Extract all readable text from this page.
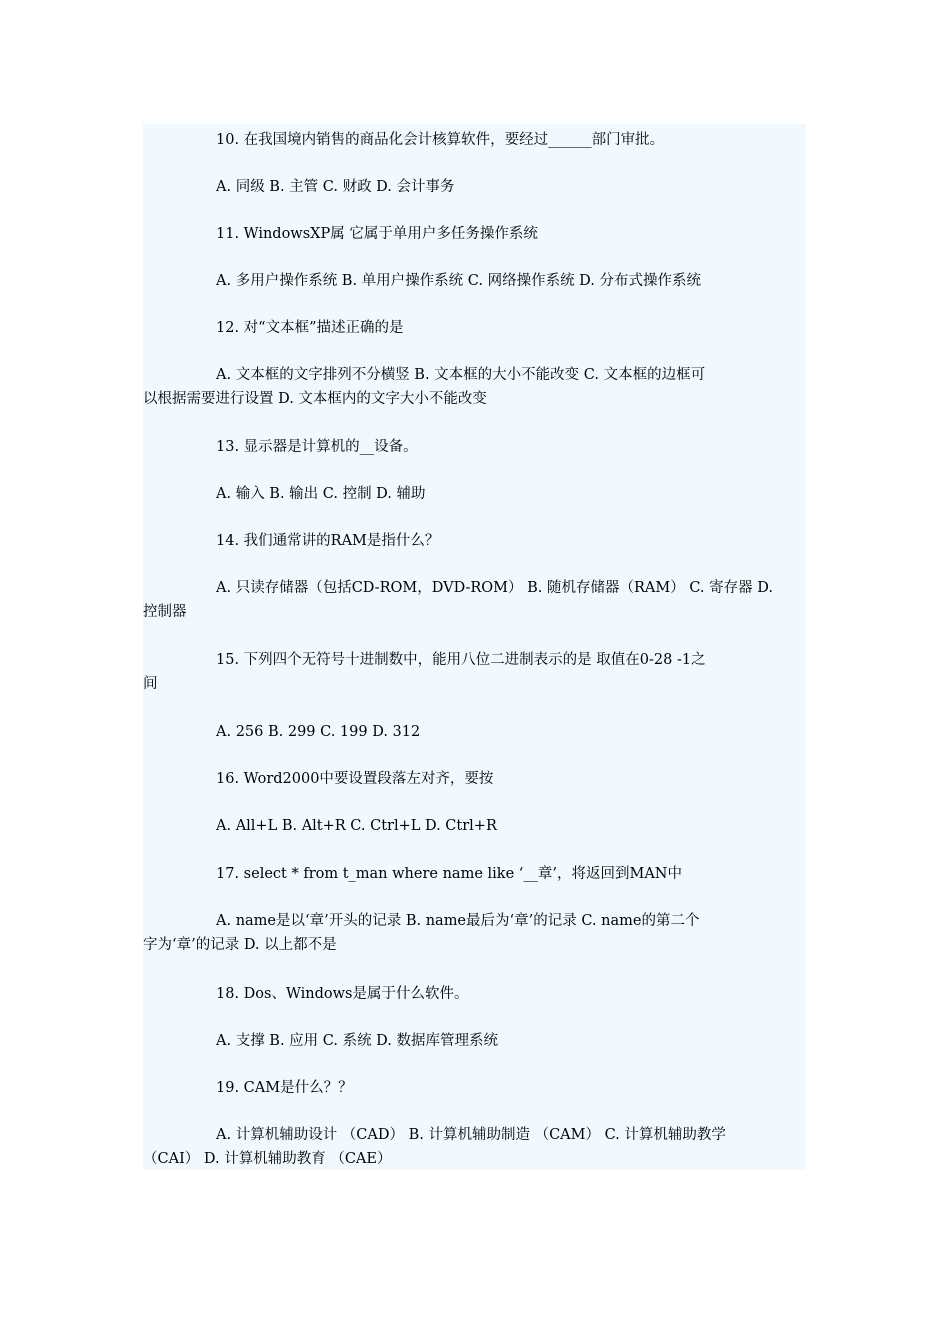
10. 在我国境内销售的商品化会计核算软件，要经过______部门审批。

A. 同级 B. 主管 C. 财政 D. 会计事务

11. WindowsXP属 它属于单用户多任务操作系统

A. 多用户操作系统 B. 单用户操作系统 C. 网络操作系统 D. 分布式操作系统

12. 对“文本框”描述正确的是

A. 文本框的文字排列不分横竖 B. 文本框的大小不能改变 C. 文本框的边框可
以根据需要进行设置 D. 文本框内的文字大小不能改变

13. 显示器是计算机的__设备。

A. 输入 B. 输出 C. 控制 D. 辅助

14. 我们通常讲的RAM是指什么？

A. 只读存储器（包括CD-ROM，DVD-ROM） B. 随机存储器（RAM） C. 寄存器 D.
控制器

15. 下列四个无符号十进制数中，能用八位二进制表示的是 取值在0-28 -1之
间

A. 256 B. 299 C. 199 D. 312

16. Word2000中要设置段落左对齐，要按

A. All+L B. Alt+R C. Ctrl+L D. Ctrl+R

17. select * from t_man where name like ‘__章’，将返回到MAN中

A. name是以‘章’开头的记录 B. name最后为‘章’的记录 C. name的第二个
字为‘章’的记录 D. 以上都不是

18. Dos、Windows是属于什么软件。

A. 支撑 B. 应用 C. 系统 D. 数据库管理系统

19. CAM是什么？？

A. 计算机辅助设计 （CAD） B. 计算机辅助制造 （CAM） C. 计算机辅助教学
（CAI） D. 计算机辅助教育 （CAE）
